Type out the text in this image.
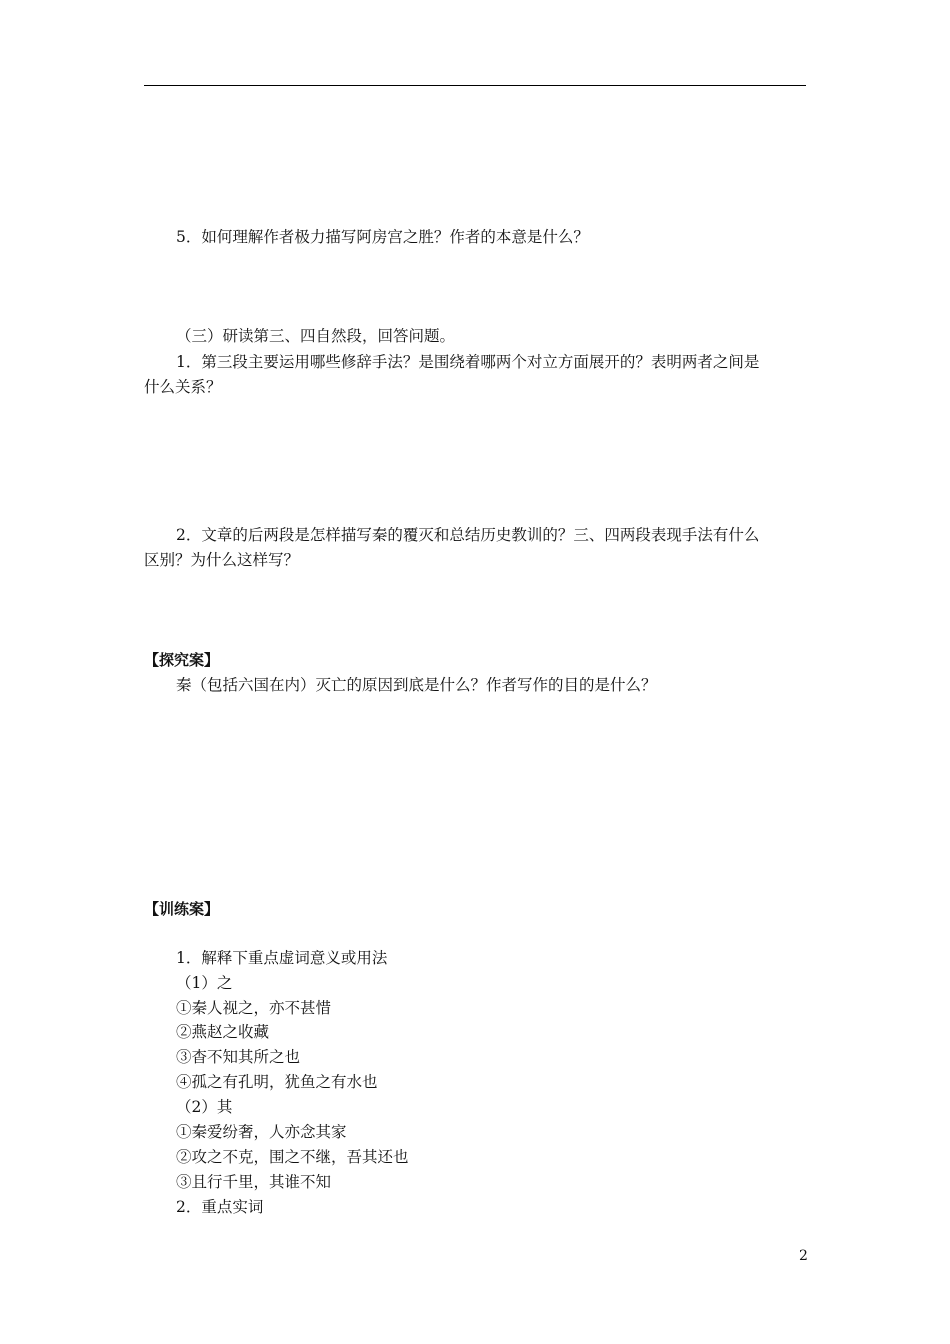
5．如何理解作者极力描写阿房宫之胜？作者的本意是什么？
（三）研读第三、四自然段，回答问题。
1．第三段主要运用哪些修辞手法？是围绕着哪两个对立方面展开的？表明两者之间是
什么关系？
2．文章的后两段是怎样描写秦的覆灭和总结历史教训的？三、四两段表现手法有什么
区别？为什么这样写？
【探究案】
秦（包括六国在内）灭亡的原因到底是什么？作者写作的目的是什么？
【训练案】
1．解释下重点虚词意义或用法
（1）之
①秦人视之，亦不甚惜
②燕赵之收藏
③杳不知其所之也
④孤之有孔明，犹鱼之有水也
（2）其
①秦爱纷奢，人亦念其家
②攻之不克，围之不继，吾其还也
③且行千里，其谁不知
2．重点实词
2
